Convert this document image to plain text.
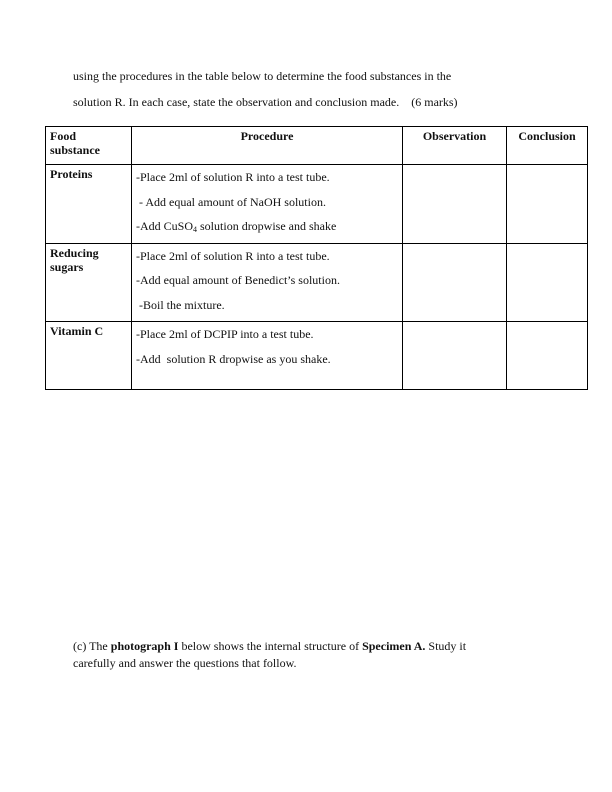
using the procedures in the table below to determine the food substances in the
solution R. In each case, state the observation and conclusion made.    (6 marks)
Food substance	Procedure	Observation	Conclusion
Proteins	-Place 2ml of solution R into a test tube.
- Add equal amount of NaOH solution.
-Add CuSO$_4$ solution dropwise and shake		

Reducing sugars	-Place 2ml of solution R into a test tube.
-Add equal amount of Benedict’s solution.
-Boil the mixture.		

Vitamin C	-Place 2ml of DCPIP into a test tube.
-Add  solution R dropwise as you shake.		

(c) The photograph I below shows the internal structure of Specimen A. Study it
carefully and answer the questions that follow.
